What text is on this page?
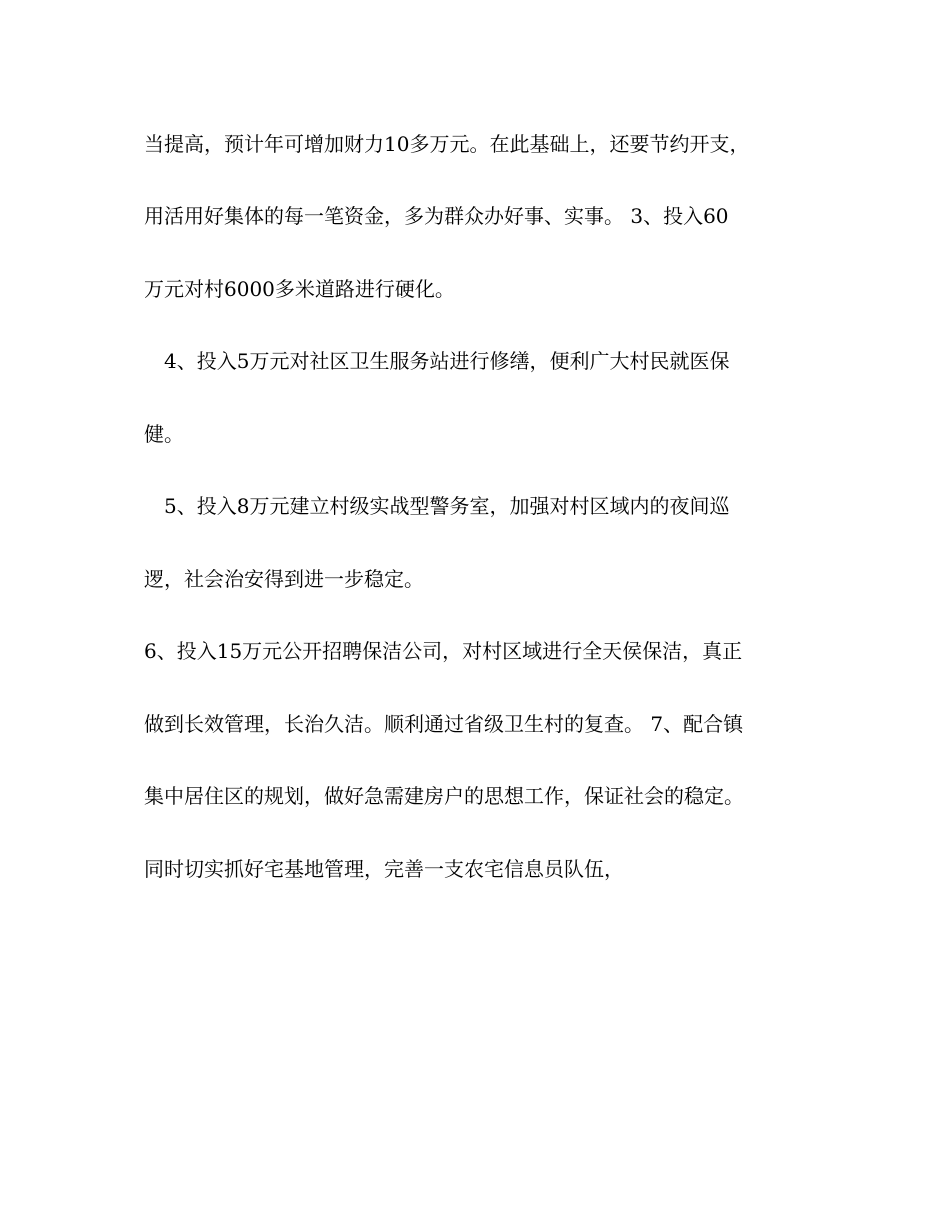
当提高，预计年可增加财力10多万元。在此基础上，还要节约开支，
用活用好集体的每一笔资金，多为群众办好事、实事。 3、投入60
万元对村6000多米道路进行硬化。
4、投入5万元对社区卫生服务站进行修缮，便利广大村民就医保
健。
5、投入8万元建立村级实战型警务室，加强对村区域内的夜间巡
逻，社会治安得到进一步稳定。
6、投入15万元公开招聘保洁公司，对村区域进行全天侯保洁，真正
做到长效管理，长治久洁。顺利通过省级卫生村的复查。 7、配合镇
集中居住区的规划，做好急需建房户的思想工作，保证社会的稳定。
同时切实抓好宅基地管理，完善一支农宅信息员队伍，
